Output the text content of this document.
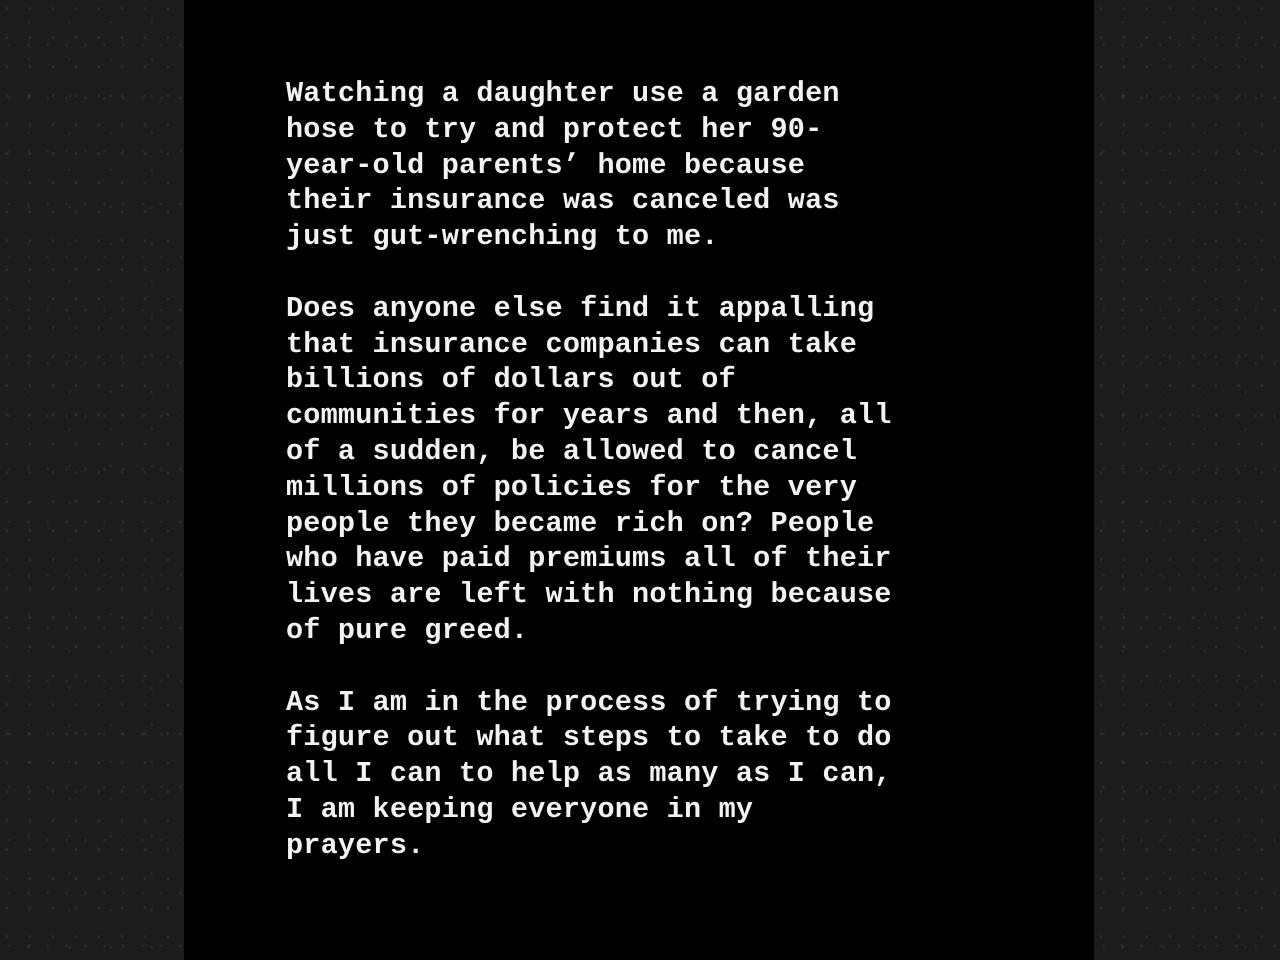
Watching a daughter use a garden
hose to try and protect her 90-
year-old parents’ home because
their insurance was canceled was
just gut-wrenching to me.

Does anyone else find it appalling
that insurance companies can take
billions of dollars out of
communities for years and then, all
of a sudden, be allowed to cancel
millions of policies for the very
people they became rich on? People
who have paid premiums all of their
lives are left with nothing because
of pure greed.

As I am in the process of trying to
figure out what steps to take to do
all I can to help as many as I can,
I am keeping everyone in my
prayers.
